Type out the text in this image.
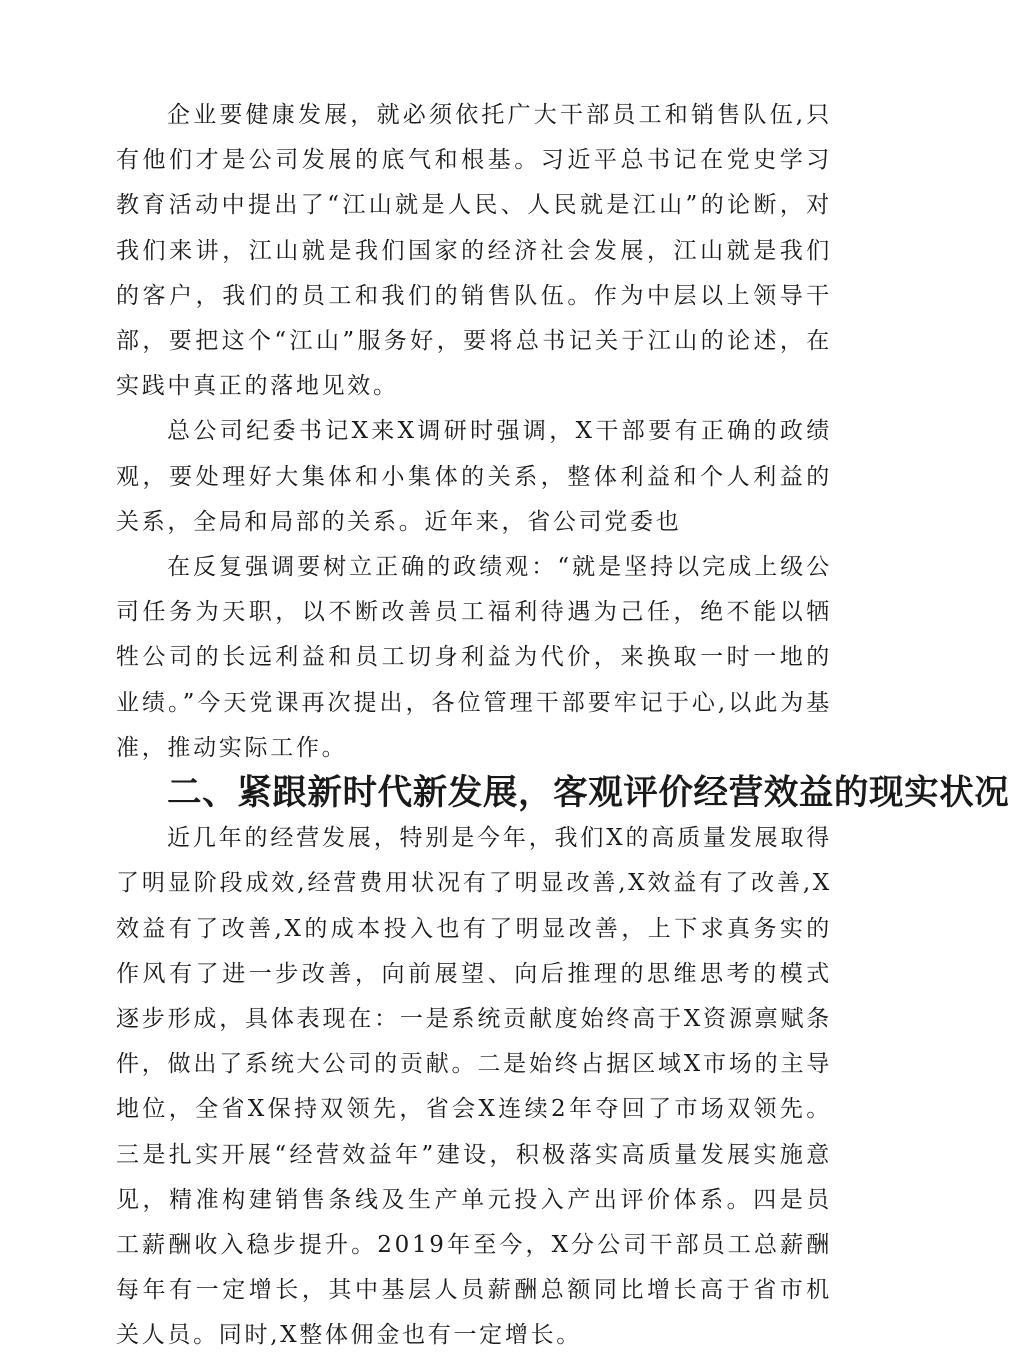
企业要健康发展，就必须依托广大干部员工和销售队伍,只有他们才是公司发展的底气和根基。习近平总书记在党史学习教育活动中提出了“江山就是人民、人民就是江山”的论断，对我们来讲，江山就是我们国家的经济社会发展，江山就是我们的客户，我们的员工和我们的销售队伍。作为中层以上领导干部，要把这个“江山”服务好，要将总书记关于江山的论述，在实践中真正的落地见效。

总公司纪委书记X来X调研时强调，X干部要有正确的政绩观，要处理好大集体和小集体的关系，整体利益和个人利益的关系，全局和局部的关系。近年来，省公司党委也

在反复强调要树立正确的政绩观：“就是坚持以完成上级公司任务为天职，以不断改善员工福利待遇为己任，绝不能以牺牲公司的长远利益和员工切身利益为代价，来换取一时一地的业绩。”今天党课再次提出，各位管理干部要牢记于心,以此为基准，推动实际工作。

二、紧跟新时代新发展，客观评价经营效益的现实状况

近几年的经营发展，特别是今年，我们X的高质量发展取得了明显阶段成效,经营费用状况有了明显改善,X效益有了改善,X效益有了改善,X的成本投入也有了明显改善，上下求真务实的作风有了进一步改善，向前展望、向后推理的思维思考的模式逐步形成，具体表现在：一是系统贡献度始终高于X资源禀赋条件，做出了系统大公司的贡献。二是始终占据区域X市场的主导地位，全省X保持双领先，省会X连续2年夺回了市场双领先。三是扎实开展“经营效益年”建设，积极落实高质量发展实施意见，精准构建销售条线及生产单元投入产出评价体系。四是员工薪酬收入稳步提升。2019年至今，X分公司干部员工总薪酬每年有一定增长，其中基层人员薪酬总额同比增长高于省市机关人员。同时,X整体佣金也有一定增长。
